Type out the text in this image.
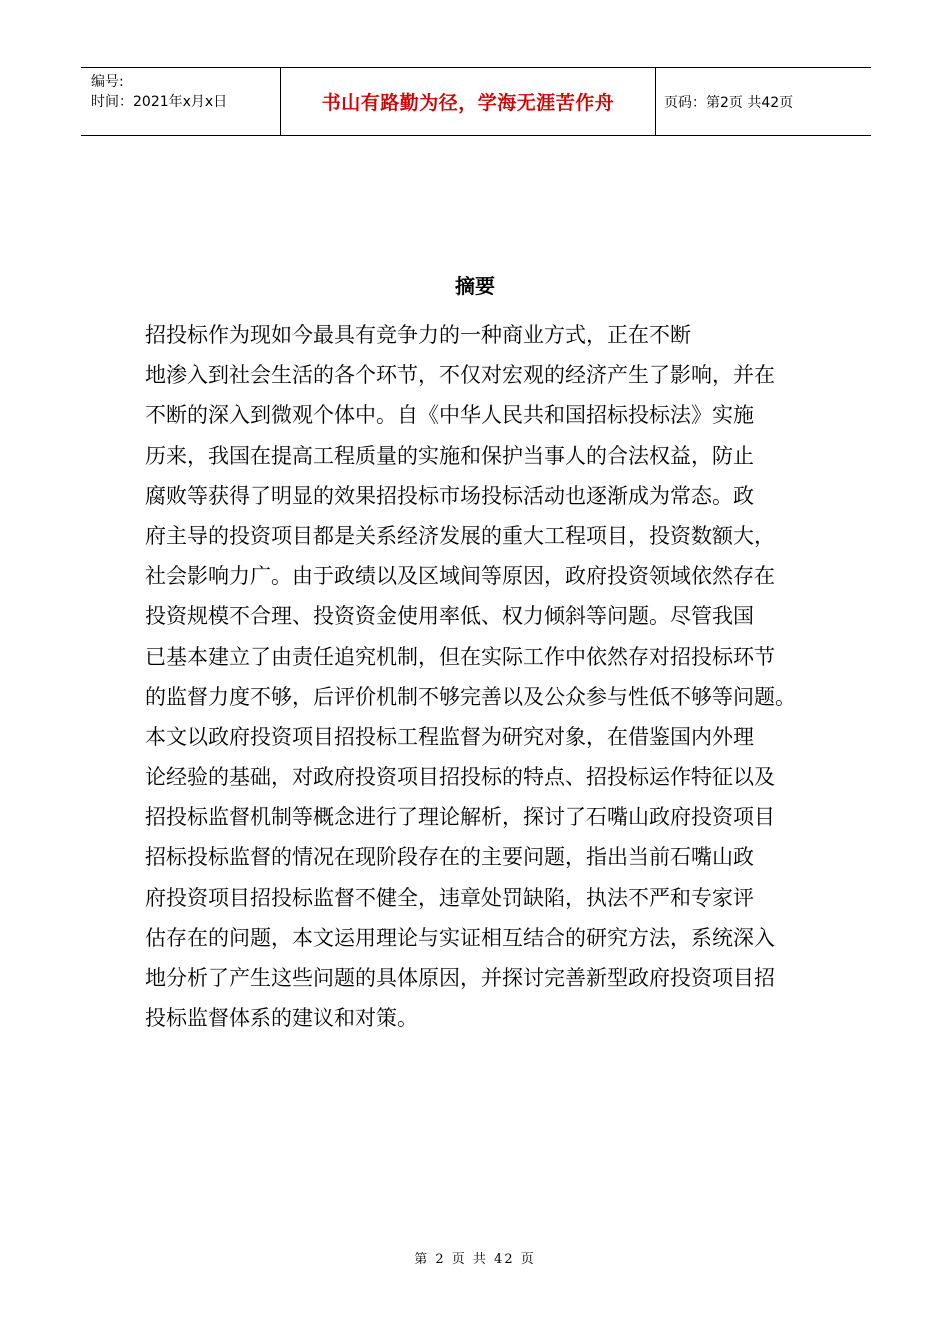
编号:
时间：2021年x月x日	书山有路勤为径，学海无涯苦作舟	页码：第2页 共42页
摘要
招投标作为现如今最具有竞争力的一种商业方式，正在不断
地渗入到社会生活的各个环节，不仅对宏观的经济产生了影响，并在
不断的深入到微观个体中。自《中华人民共和国招标投标法》实施
历来，我国在提高工程质量的实施和保护当事人的合法权益，防止
腐败等获得了明显的效果招投标市场投标活动也逐渐成为常态。政
府主导的投资项目都是关系经济发展的重大工程项目，投资数额大，
社会影响力广。由于政绩以及区域间等原因，政府投资领域依然存在
投资规模不合理、投资资金使用率低、权力倾斜等问题。尽管我国
已基本建立了由责任追究机制，但在实际工作中依然存对招投标环节
的监督力度不够，后评价机制不够完善以及公众参与性低不够等问题。
本文以政府投资项目招投标工程监督为研究对象，在借鉴国内外理
论经验的基础，对政府投资项目招投标的特点、招投标运作特征以及
招投标监督机制等概念进行了理论解析，探讨了石嘴山政府投资项目
招标投标监督的情况在现阶段存在的主要问题，指出当前石嘴山政
府投资项目招投标监督不健全，违章处罚缺陷，执法不严和专家评
估存在的问题，本文运用理论与实证相互结合的研究方法，系统深入
地分析了产生这些问题的具体原因，并探讨完善新型政府投资项目招
投标监督体系的建议和对策。
第 2 页 共 42 页
